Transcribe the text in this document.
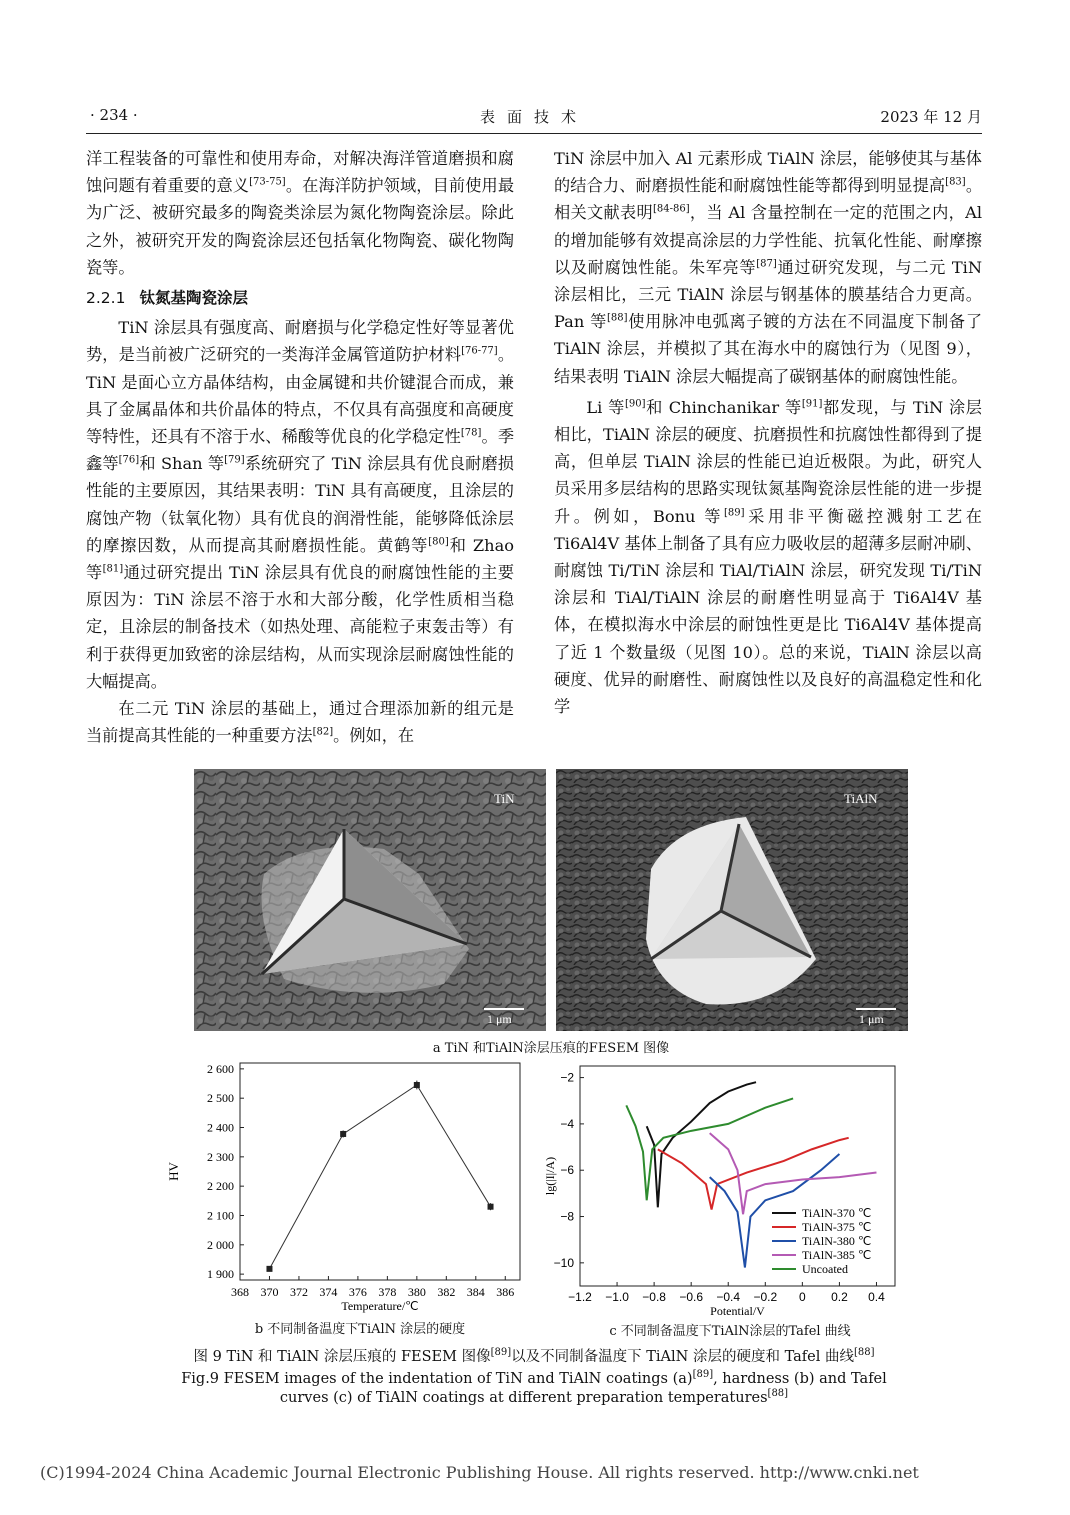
· 234 ·	表面技术	2023 年 12 月

洋工程装备的可靠性和使用寿命，对解决海洋管道磨损和腐蚀问题有着重要的意义[73-75]。在海洋防护领域，目前使用最为广泛、被研究最多的陶瓷类涂层为氮化物陶瓷涂层。除此之外，被研究开发的陶瓷涂层还包括氧化物陶瓷、碳化物陶瓷等。

2.2.1 钛氮基陶瓷涂层

TiN 涂层具有强度高、耐磨损与化学稳定性好等显著优势，是当前被广泛研究的一类海洋金属管道防护材料[76-77]。TiN 是面心立方晶体结构，由金属键和共价键混合而成，兼具了金属晶体和共价晶体的特点，不仅具有高强度和高硬度等特性，还具有不溶于水、稀酸等优良的化学稳定性[78]。季鑫等[76]和 Shan 等[79]系统研究了 TiN 涂层具有优良耐磨损性能的主要原因，其结果表明：TiN 具有高硬度，且涂层的腐蚀产物（钛氧化物）具有优良的润滑性能，能够降低涂层的摩擦因数，从而提高其耐磨损性能。黄鹤等[80]和 Zhao 等[81]通过研究提出 TiN 涂层具有优良的耐腐蚀性能的主要原因为：TiN 涂层不溶于水和大部分酸，化学性质相当稳定，且涂层的制备技术（如热处理、高能粒子束轰击等）有利于获得更加致密的涂层结构，从而实现涂层耐腐蚀性能的大幅提高。

在二元 TiN 涂层的基础上，通过合理添加新的组元是当前提高其性能的一种重要方法[82]。例如，在

TiN 涂层中加入 Al 元素形成 TiAlN 涂层，能够使其与基体的结合力、耐磨损性能和耐腐蚀性能等都得到明显提高[83]。相关文献表明[84-86]，当 Al 含量控制在一定的范围之内，Al 的增加能够有效提高涂层的力学性能、抗氧化性能、耐摩擦以及耐腐蚀性能。朱军亮等[87]通过研究发现，与二元 TiN 涂层相比，三元 TiAlN 涂层与钢基体的膜基结合力更高。Pan 等[88]使用脉冲电弧离子镀的方法在不同温度下制备了 TiAlN 涂层，并模拟了其在海水中的腐蚀行为（见图 9），结果表明 TiAlN 涂层大幅提高了碳钢基体的耐腐蚀性能。

Li 等[90]和 Chinchanikar 等[91]都发现，与 TiN 涂层相比，TiAlN 涂层的硬度、抗磨损性和抗腐蚀性都得到了提高，但单层 TiAlN 涂层的性能已迫近极限。为此，研究人员采用多层结构的思路实现钛氮基陶瓷涂层性能的进一步提升。例如，Bonu 等[89]采用非平衡磁控溅射工艺在 Ti6Al4V 基体上制备了具有应力吸收层的超薄多层耐冲刷、耐腐蚀 Ti/TiN 涂层和 TiAl/TiAlN 涂层，研究发现 Ti/TiN 涂层和 TiAl/TiAlN 涂层的耐磨性明显高于 Ti6Al4V 基体，在模拟海水中涂层的耐蚀性更是比 Ti6Al4V 基体提高了近 1 个数量级（见图 10）。总的来说，TiAlN 涂层以高硬度、优异的耐磨性、耐腐蚀性以及良好的高温稳定性和化学

TiN
1 μm
TiAlN
1 μm
a TiN 和TiAlN涂层压痕的FESEM 图像
368 370 372 374 376 378 380 382 384 386
1 900
2 000
2 100
2 200
2 300
2 400
2 500
2 600
Temperature/℃
HV
b 不同制备温度下TiAlN 涂层的硬度
−1.2 −1.0 −0.8 −0.6 −0.4 −0.2 0 0.2 0.4
−2
−4
−6
−8
−10
Potential/V
lg(|I|/A)
TiAlN-370 ℃
TiAlN-375 ℃
TiAlN-380 ℃
TiAlN-385 ℃
Uncoated
c 不同制备温度下TiAlN涂层的Tafel 曲线
图 9 TiN 和 TiAlN 涂层压痕的 FESEM 图像[89]以及不同制备温度下 TiAlN 涂层的硬度和 Tafel 曲线[88]
Fig.9 FESEM images of the indentation of TiN and TiAlN coatings (a)[89], hardness (b) and Tafel
curves (c) of TiAlN coatings at different preparation temperatures[88]
(C)1994-2024 China Academic Journal Electronic Publishing House. All rights reserved. http://www.cnki.net
